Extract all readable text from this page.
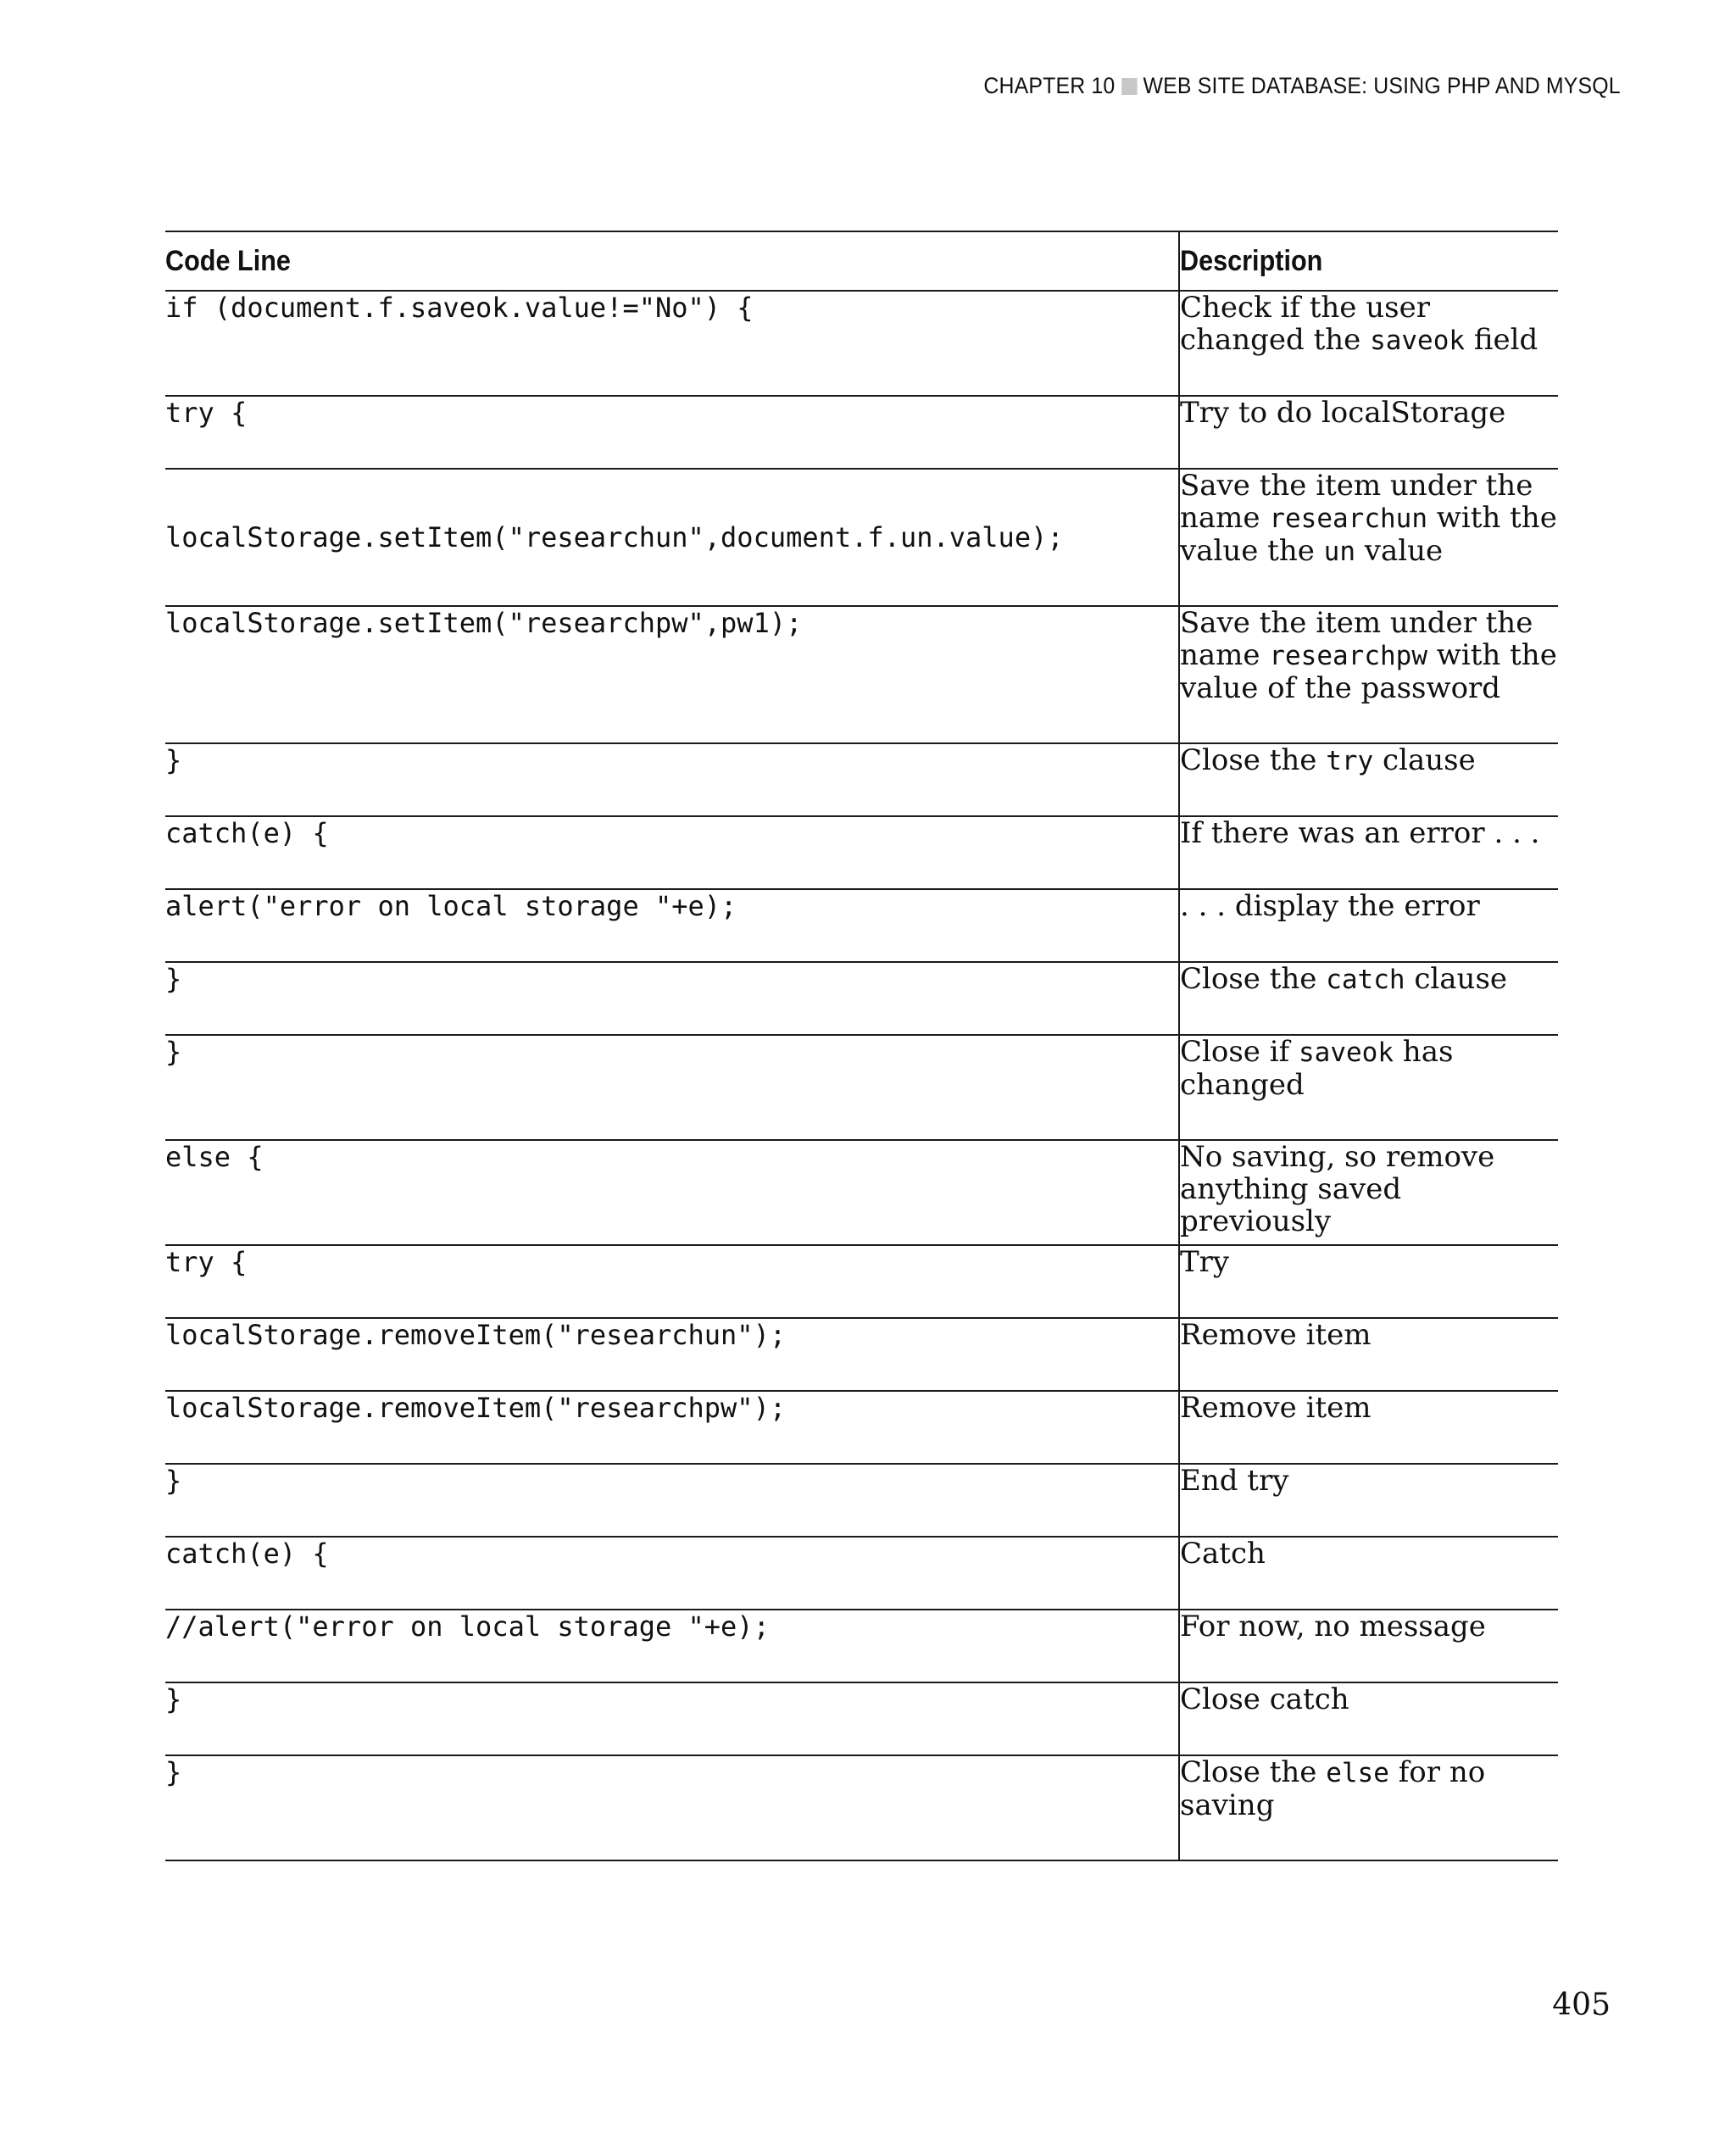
CHAPTER 10 WEB SITE DATABASE: USING PHP AND MYSQL
Code Line	Description
if (document.f.saveok.value!="No") {	Check if the user changed the saveok field
try {	Try to do localStorage
localStorage.setItem("researchun",document.f.un.value);	Save the item under the name researchun with the value the un value
localStorage.setItem("researchpw",pw1);	Save the item under the name researchpw with the value of the password
}	Close the try clause
catch(e) {	If there was an error . . .
alert("error on local storage "+e);	. . . display the error
}	Close the catch clause
}	Close if saveok has changed
else {	No saving, so remove anything saved previously
try {	Try
localStorage.removeItem("researchun");	Remove item
localStorage.removeItem("researchpw");	Remove item
}	End try
catch(e) {	Catch
//alert("error on local storage "+e);	For now, no message
}	Close catch
}	Close the else for no saving
405
